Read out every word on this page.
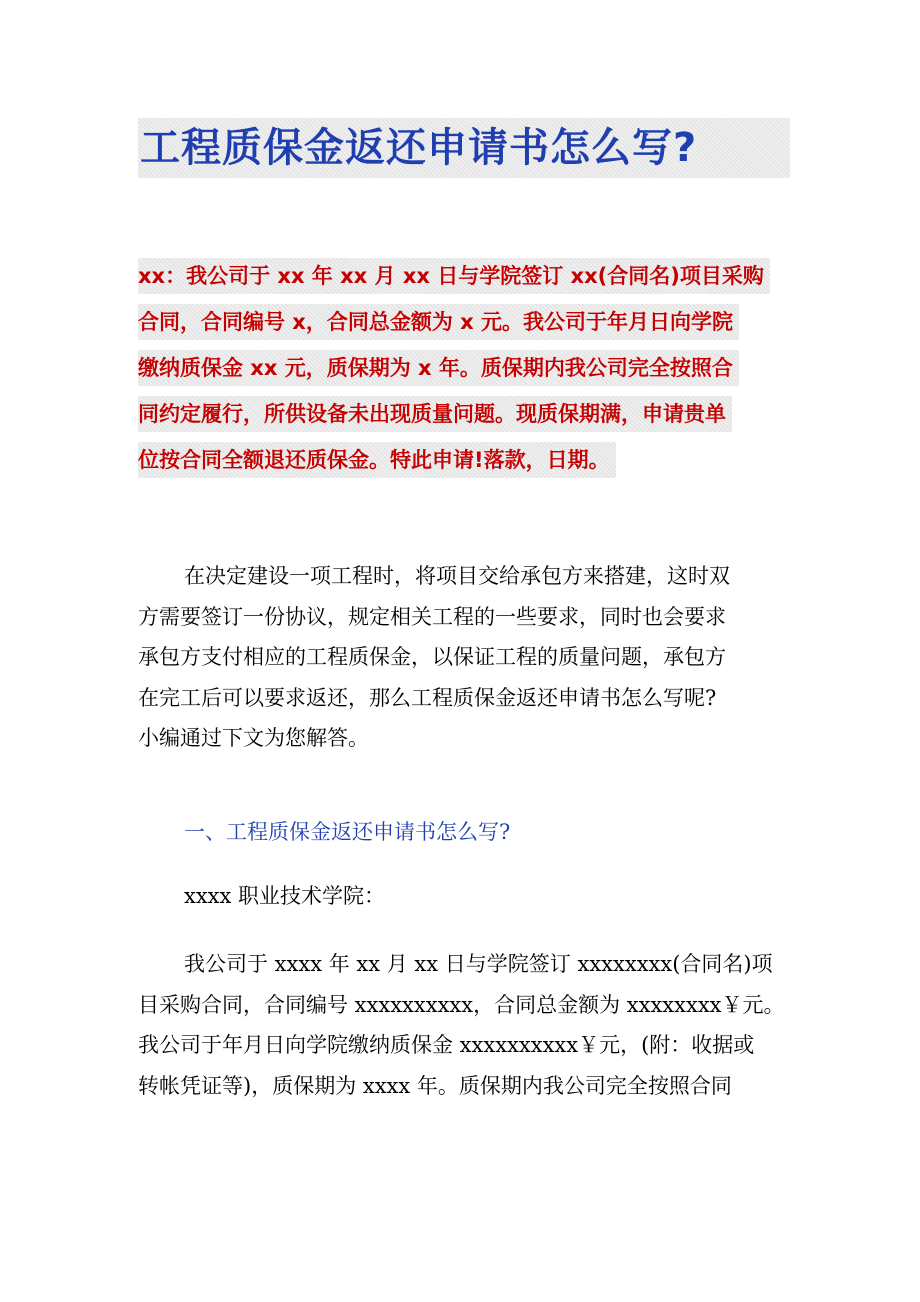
工程质保金返还申请书怎么写?
xx：我公司于 xx 年 xx 月 xx 日与学院签订 xx(合同名)项目采购
合同，合同编号 x，合同总金额为 x 元。我公司于年月日向学院
缴纳质保金 xx 元，质保期为 x 年。质保期内我公司完全按照合
同约定履行，所供设备未出现质量问题。现质保期满，申请贵单
位按合同全额退还质保金。特此申请!落款，日期。
在决定建设一项工程时，将项目交给承包方来搭建，这时双
方需要签订一份协议，规定相关工程的一些要求，同时也会要求
承包方支付相应的工程质保金，以保证工程的质量问题，承包方
在完工后可以要求返还，那么工程质保金返还申请书怎么写呢?
小编通过下文为您解答。
一、工程质保金返还申请书怎么写?

xxxx 职业技术学院：

我公司于 xxxx 年 xx 月 xx 日与学院签订 xxxxxxxx(合同名)项
目采购合同，合同编号 xxxxxxxxxx，合同总金额为 xxxxxxxx￥元。
我公司于年月日向学院缴纳质保金 xxxxxxxxxx￥元，(附：收据或
转帐凭证等)，质保期为 xxxx 年。质保期内我公司完全按照合同
